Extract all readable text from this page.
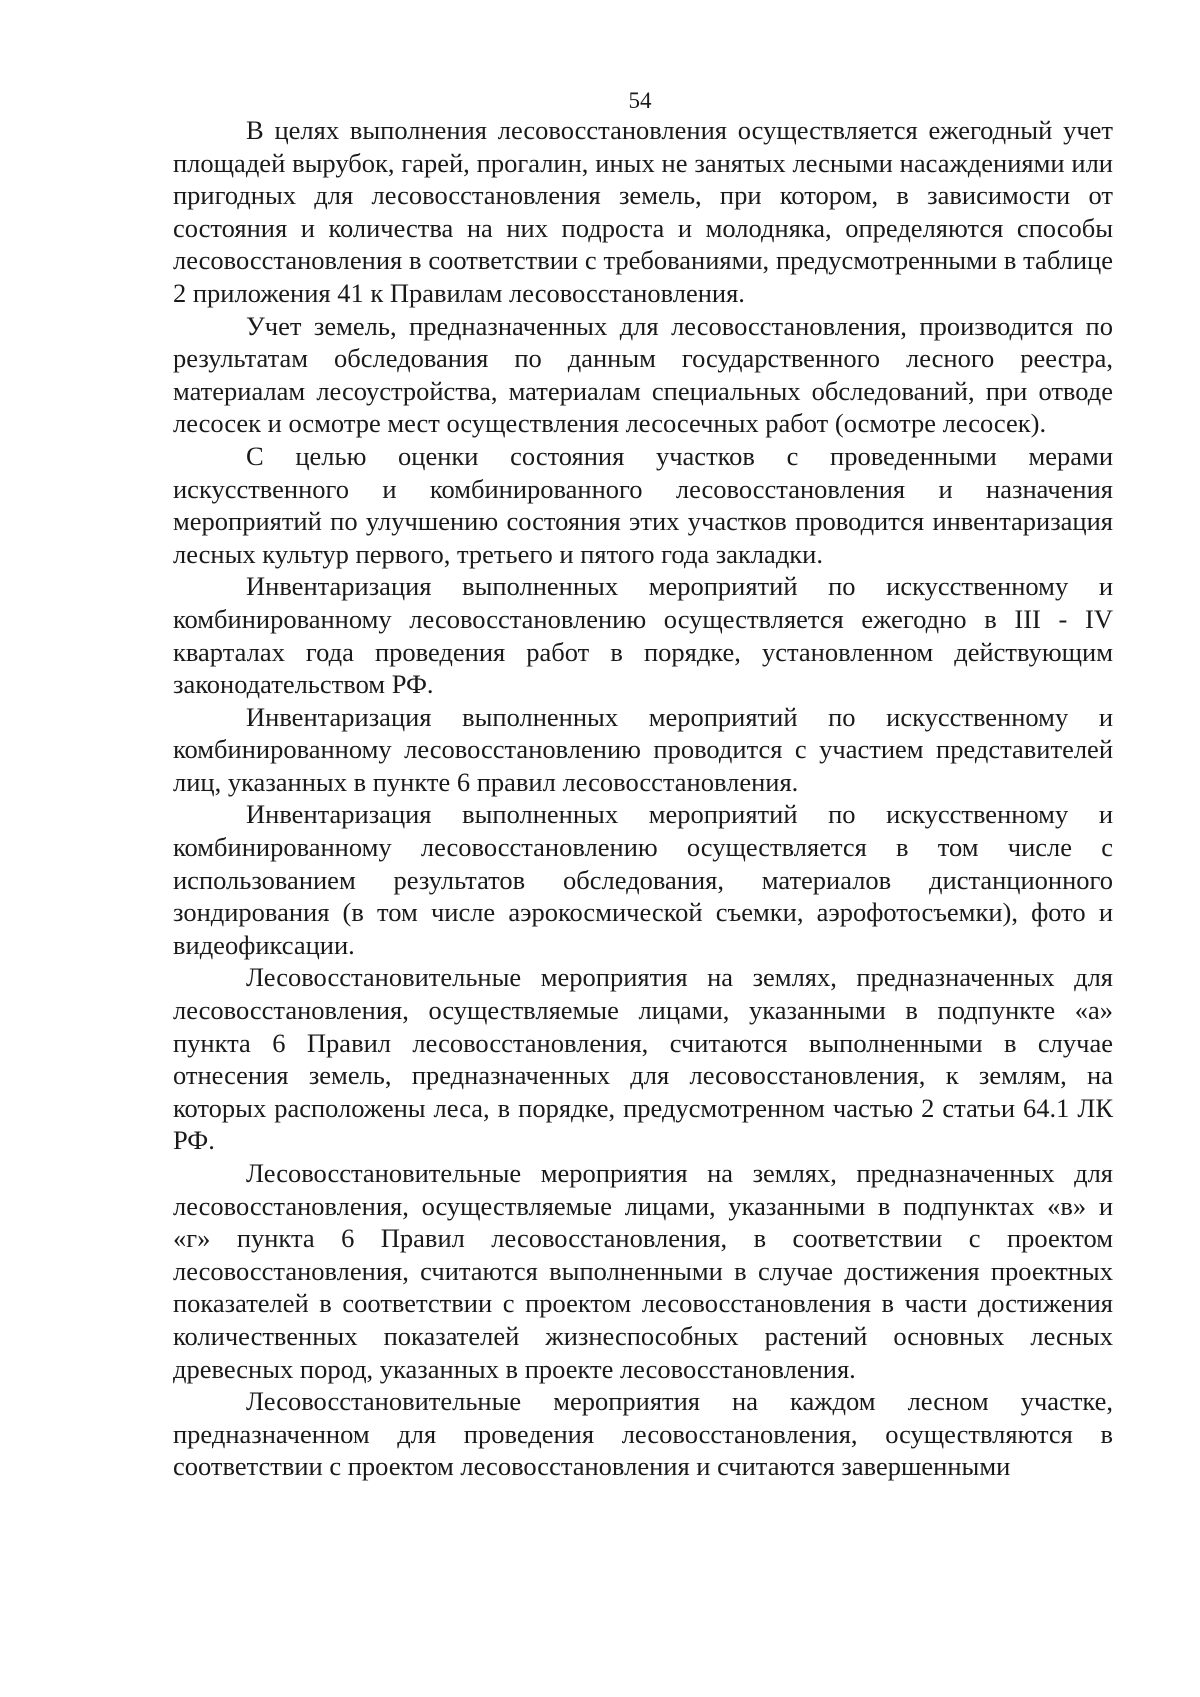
54

В целях выполнения лесовосстановления осуществляется ежегодный учет площадей вырубок, гарей, прогалин, иных не занятых лесными насаждениями или пригодных для лесовосстановления земель, при котором, в зависимости от состояния и количества на них подроста и молодняка, определяются способы лесовосстановления в соответствии с требованиями, предусмотренными в таблице 2 приложения 41 к Правилам лесовосстановления.

Учет земель, предназначенных для лесовосстановления, производится по результатам обследования по данным государственного лесного реестра, материалам лесоустройства, материалам специальных обследований, при отводе лесосек и осмотре мест осуществления лесосечных работ (осмотре лесосек).

С целью оценки состояния участков с проведенными мерами искусственного и комбинированного лесовосстановления и назначения мероприятий по улучшению состояния этих участков проводится инвентаризация лесных культур первого, третьего и пятого года закладки.

Инвентаризация выполненных мероприятий по искусственному и комбинированному лесовосстановлению осуществляется ежегодно в III - IV кварталах года проведения работ в порядке, установленном действующим законодательством РФ.

Инвентаризация выполненных мероприятий по искусственному и комбинированному лесовосстановлению проводится с участием представителей лиц, указанных в пункте 6 правил лесовосстановления.

Инвентаризация выполненных мероприятий по искусственному и комбинированному лесовосстановлению осуществляется в том числе с использованием результатов обследования, материалов дистанционного зондирования (в том числе аэрокосмической съемки, аэрофотосъемки), фото и видеофиксации.

Лесовосстановительные мероприятия на землях, предназначенных для лесовосстановления, осуществляемые лицами, указанными в подпункте «а» пункта 6 Правил лесовосстановления, считаются выполненными в случае отнесения земель, предназначенных для лесовосстановления, к землям, на которых расположены леса, в порядке, предусмотренном частью 2 статьи 64.1 ЛК РФ.

Лесовосстановительные мероприятия на землях, предназначенных для лесовосстановления, осуществляемые лицами, указанными в подпунктах «в» и «г» пункта 6 Правил лесовосстановления, в соответствии с проектом лесовосстановления, считаются выполненными в случае достижения проектных показателей в соответствии с проектом лесовосстановления в части достижения количественных показателей жизнеспособных растений основных лесных древесных пород, указанных в проекте лесовосстановления.

Лесовосстановительные мероприятия на каждом лесном участке, предназначенном для проведения лесовосстановления, осуществляются в соответствии с проектом лесовосстановления и считаются завершенными
